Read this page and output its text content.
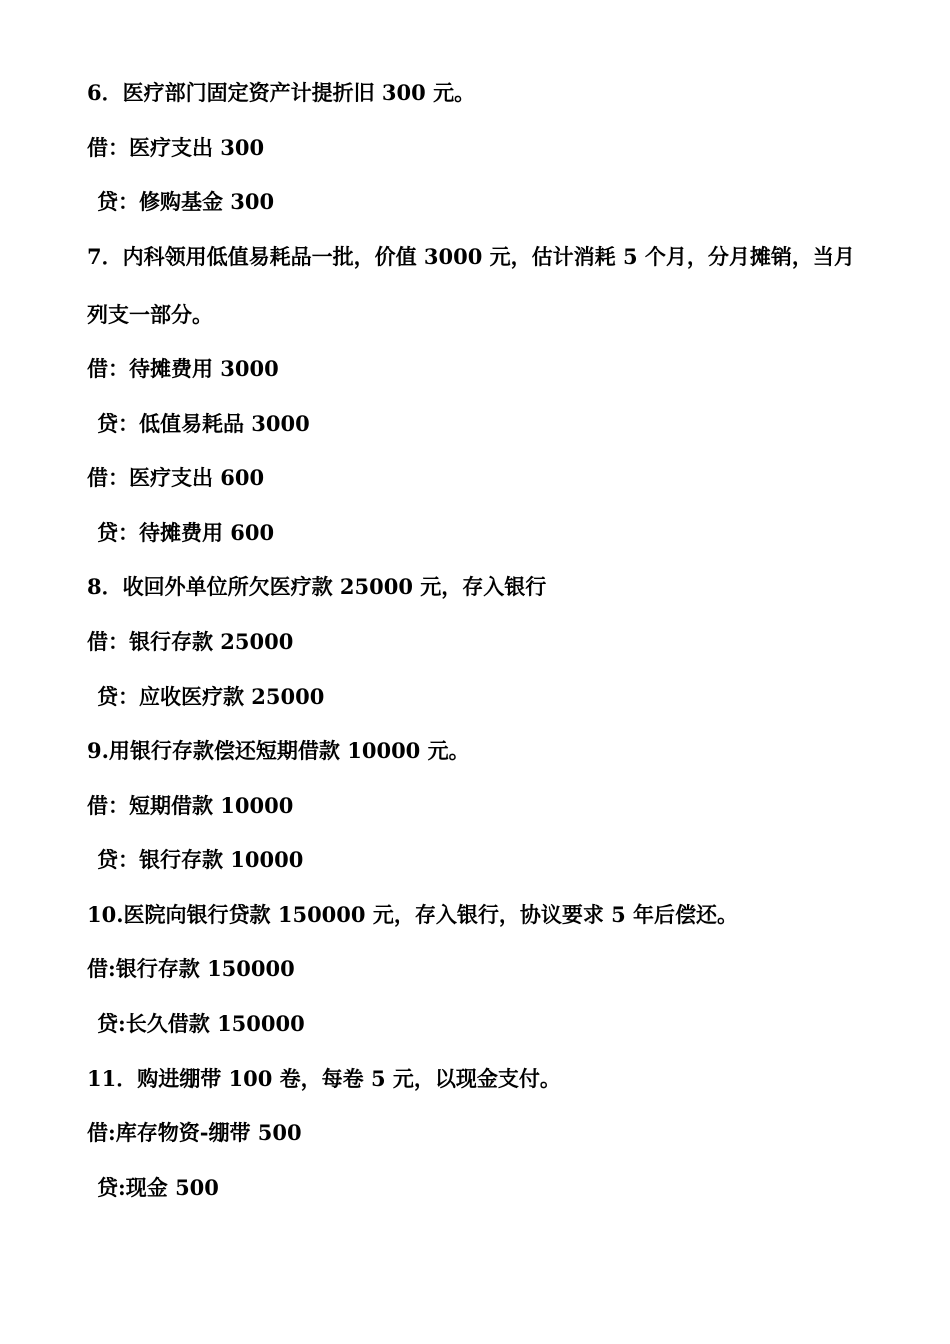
6．医疗部门固定资产计提折旧 300 元。
借：医疗支出 300
贷：修购基金 300
7．内科领用低值易耗品一批，价值 3000 元，估计消耗 5 个月，分月摊销，当月
列支一部分。
借：待摊费用 3000
贷：低值易耗品 3000
借：医疗支出 600
贷：待摊费用 600
8．收回外单位所欠医疗款 25000 元，存入银行
借：银行存款 25000
贷：应收医疗款 25000
9.用银行存款偿还短期借款 10000 元。
借：短期借款 10000
贷：银行存款 10000
10.医院向银行贷款 150000 元，存入银行，协议要求 5 年后偿还。
借:银行存款 150000
贷:长久借款 150000
11．购进绷带 100 卷，每卷 5 元，以现金支付。
借:库存物资-绷带 500
贷:现金 500
